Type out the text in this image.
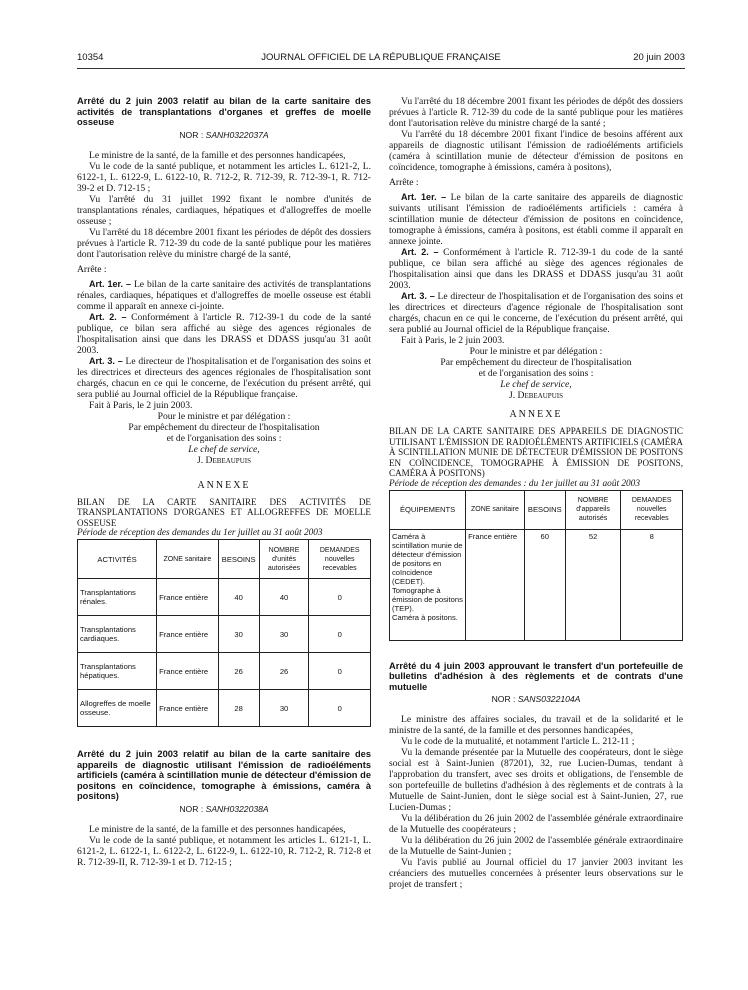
10354	JOURNAL OFFICIEL DE LA RÉPUBLIQUE FRANÇAISE	20 juin 2003

Arrêté du 2 juin 2003 relatif au bilan de la carte sanitaire des activités de transplantations d'organes et greffes de moelle osseuse

NOR : SANH0322037A

Le ministre de la santé, de la famille et des personnes handicapées,

Vu le code de la santé publique, et notamment les articles L. 6121-2, L. 6122-1, L. 6122-9, L. 6122-10, R. 712-2, R. 712-39, R. 712-39-1, R. 712-39-2 et D. 712-15 ;

Vu l'arrêté du 31 juillet 1992 fixant le nombre d'unités de transplantations rénales, cardiaques, hépatiques et d'allogreffes de moelle osseuse ;

Vu l'arrêté du 18 décembre 2001 fixant les périodes de dépôt des dossiers prévues à l'article R. 712-39 du code de la santé publique pour les matières dont l'autorisation relève du ministre chargé de la santé,

Arrête :

Art. 1er. – Le bilan de la carte sanitaire des activités de transplantations rénales, cardiaques, hépatiques et d'allogreffes de moelle osseuse est établi comme il apparaît en annexe ci-jointe.

Art. 2. – Conformément à l'article R. 712-39-1 du code de la santé publique, ce bilan sera affiché au siège des agences régionales de l'hospitalisation ainsi que dans les DRASS et DDASS jusqu'au 31 août 2003.

Art. 3. – Le directeur de l'hospitalisation et de l'organisation des soins et les directrices et directeurs des agences régionales de l'hospitalisation sont chargés, chacun en ce qui le concerne, de l'exécution du présent arrêté, qui sera publié au Journal officiel de la République française.

Fait à Paris, le 2 juin 2003.

Pour le ministre et par délégation :
Par empêchement du directeur de l'hospitalisation
et de l'organisation des soins :
Le chef de service,
J. Debeaupuis
ANNEXE

BILAN DE LA CARTE SANITAIRE DES ACTIVITÉS DE TRANSPLANTATIONS D'ORGANES ET ALLOGREFFES DE MOELLE OSSEUSE

Période de réception des demandes du 1er juillet au 31 août 2003

ACTIVITÉS	ZONE sanitaire	BESOINS	NOMBRE d'unités autorisées	DEMANDES nouvelles recevables
Transplantations rénales.	France entière	40	40	0
Transplantations cardiaques.	France entière	30	30	0
Transplantations hépatiques.	France entière	26	26	0
Allogreffes de moelle osseuse.	France entière	28	30	0

Arrêté du 2 juin 2003 relatif au bilan de la carte sanitaire des appareils de diagnostic utilisant l'émission de radioéléments artificiels (caméra à scintillation munie de détecteur d'émission de positons en coïncidence, tomographe à émissions, caméra à positons)

NOR : SANH0322038A

Le ministre de la santé, de la famille et des personnes handicapées,

Vu le code de la santé publique, et notamment les articles L. 6121-1, L. 6121-2, L. 6122-1, L. 6122-2, L. 6122-9, L. 6122-10, R. 712-2, R. 712-8 et R. 712-39-II, R. 712-39-1 et D. 712-15 ;

Vu l'arrêté du 18 décembre 2001 fixant les périodes de dépôt des dossiers prévues à l'article R. 712-39 du code de la santé publique pour les matières dont l'autorisation relève du ministre chargé de la santé ;

Vu l'arrêté du 18 décembre 2001 fixant l'indice de besoins afférent aux appareils de diagnostic utilisant l'émission de radioéléments artificiels (caméra à scintillation munie de détecteur d'émission de positons en coïncidence, tomographe à émissions, caméra à positons),

Arrête :

Art. 1er. – Le bilan de la carte sanitaire des appareils de diagnostic suivants utilisant l'émission de radioéléments artificiels : caméra à scintillation munie de détecteur d'émission de positons en coïncidence, tomographe à émissions, caméra à positons, est établi comme il apparaît en annexe jointe.

Art. 2. – Conformément à l'article R. 712-39-1 du code de la santé publique, ce bilan sera affiché au siège des agences régionales de l'hospitalisation ainsi que dans les DRASS et DDASS jusqu'au 31 août 2003.

Art. 3. – Le directeur de l'hospitalisation et de l'organisation des soins et les directrices et directeurs d'agence régionale de l'hospitalisation sont chargés, chacun en ce qui le concerne, de l'exécution du présent arrêté, qui sera publié au Journal officiel de la République française.

Fait à Paris, le 2 juin 2003.

Pour le ministre et par délégation :
Par empêchement du directeur de l'hospitalisation
et de l'organisation des soins :
Le chef de service,
J. Debeaupuis
ANNEXE

BILAN DE LA CARTE SANITAIRE DES APPAREILS DE DIAGNOSTIC UTILISANT L'ÉMISSION DE RADIOÉLÉMENTS ARTIFICIELS (CAMÉRA À SCINTILLATION MUNIE DE DÉTECTEUR D'ÉMISSION DE POSITONS EN COÏNCIDENCE, TOMOGRAPHE À ÉMISSION DE POSITONS, CAMÉRA À POSITONS)

Période de réception des demandes : du 1er juillet au 31 août 2003

ÉQUIPEMENTS	ZONE sanitaire	BESOINS	NOMBRE d'appareils autorisés	DEMANDES nouvelles recevables

Caméra à scintillation munie de détecteur d'émission de positons en coïncidence (CEDET).
Tomographe à émission de positons (TEP).
Caméra à positons.	France entière	60	52	8

Arrêté du 4 juin 2003 approuvant le transfert d'un portefeuille de bulletins d'adhésion à des règlements et de contrats d'une mutuelle

NOR : SANS0322104A

Le ministre des affaires sociales, du travail et de la solidarité et le ministre de la santé, de la famille et des personnes handicapées,

Vu le code de la mutualité, et notamment l'article L. 212-11 ;

Vu la demande présentée par la Mutuelle des coopérateurs, dont le siège social est à Saint-Junien (87201), 32, rue Lucien-Dumas, tendant à l'approbation du transfert, avec ses droits et obligations, de l'ensemble de son portefeuille de bulletins d'adhésion à des règlements et de contrats à la Mutuelle de Saint-Junien, dont le siège social est à Saint-Junien, 27, rue Lucien-Dumas ;

Vu la délibération du 26 juin 2002 de l'assemblée générale extraordinaire de la Mutuelle des coopérateurs ;

Vu la délibération du 26 juin 2002 de l'assemblée générale extraordinaire de la Mutuelle de Saint-Junien ;

Vu l'avis publié au Journal officiel du 17 janvier 2003 invitant les créanciers des mutuelles concernées à présenter leurs observations sur le projet de transfert ;
